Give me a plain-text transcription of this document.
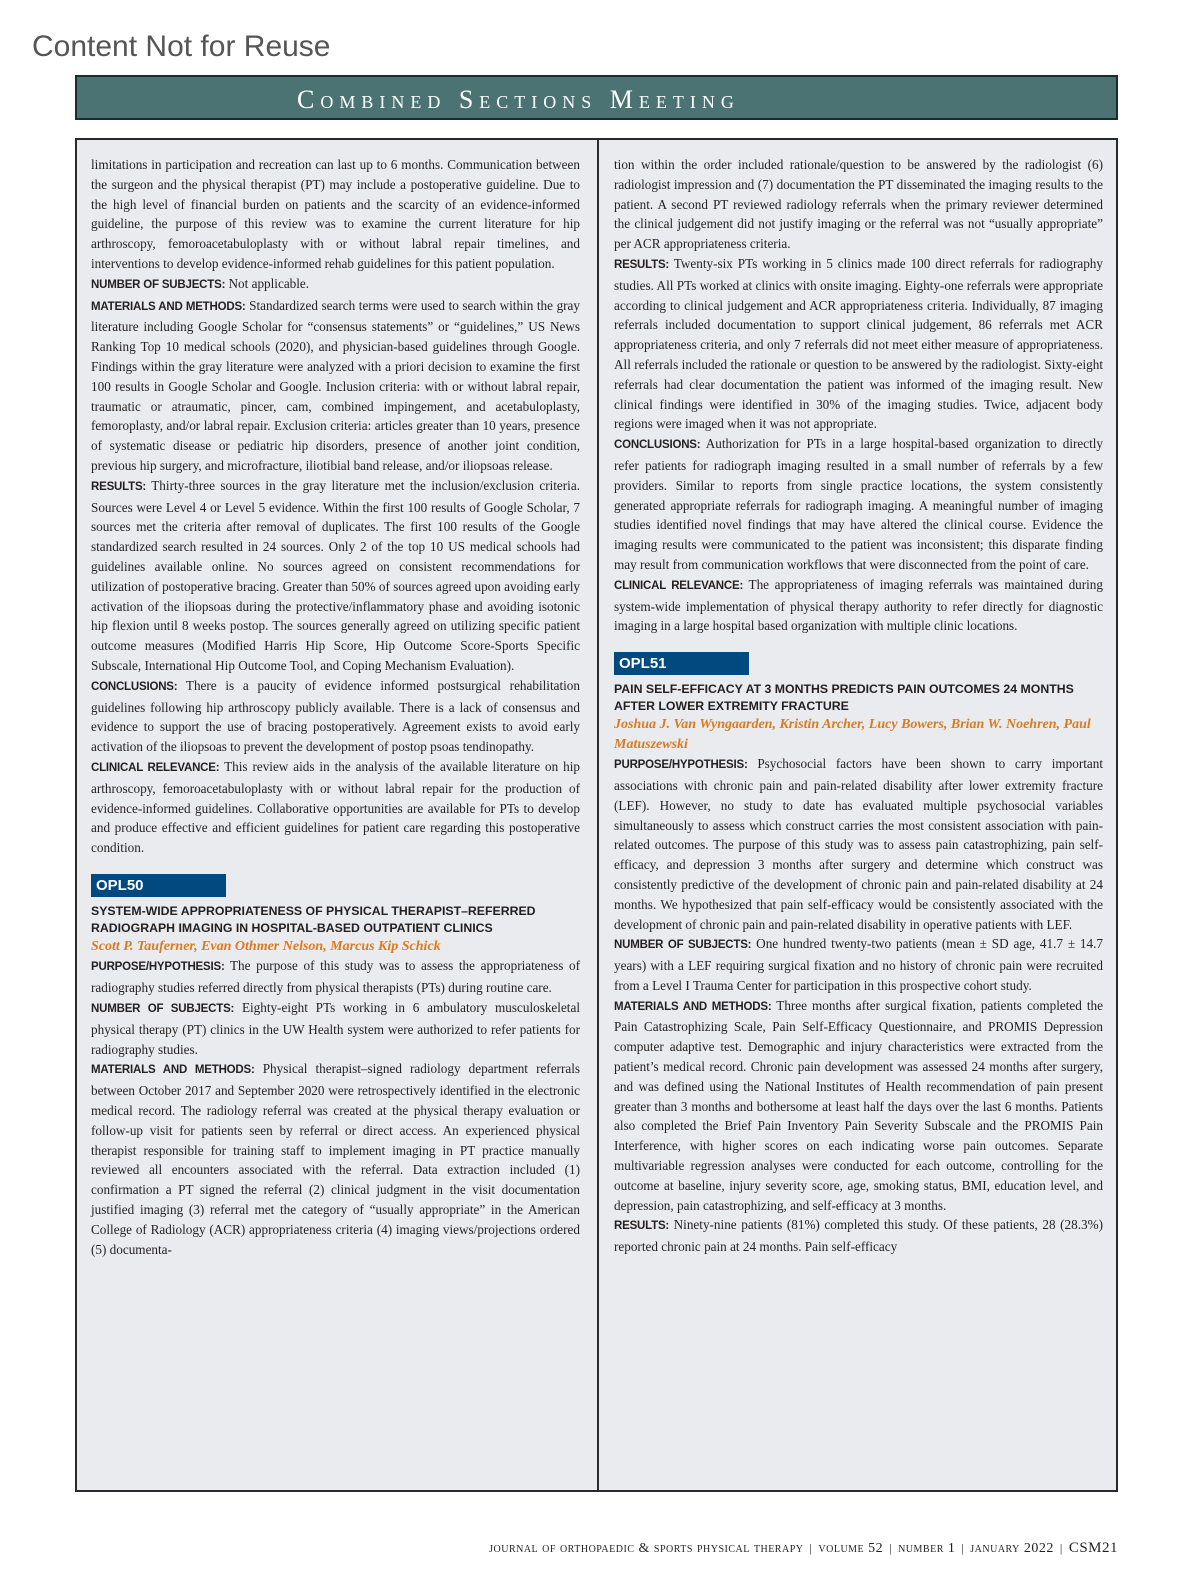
Content Not for Reuse
Combined Sections Meeting

limitations in participation and recreation can last up to 6 months. Communication between the surgeon and the physical therapist (PT) may include a postoperative guideline. Due to the high level of financial burden on patients and the scarcity of an evidence-informed guideline, the purpose of this review was to examine the current literature for hip arthroscopy, femoroacetabuloplasty with or without labral repair timelines, and interventions to develop evidence-informed rehab guidelines for this patient population.

NUMBER OF SUBJECTS: Not applicable.

MATERIALS AND METHODS: Standardized search terms were used to search within the gray literature including Google Scholar for “consensus statements” or “guidelines,” US News Ranking Top 10 medical schools (2020), and physician-based guidelines through Google. Findings within the gray literature were analyzed with a priori decision to examine the first 100 results in Google Scholar and Google. Inclusion criteria: with or without labral repair, traumatic or atraumatic, pincer, cam, combined impingement, and acetabuloplasty, femoroplasty, and/or labral repair. Exclusion criteria: articles greater than 10 years, presence of systematic disease or pediatric hip disorders, presence of another joint condition, previous hip surgery, and microfracture, iliotibial band release, and/or iliopsoas release.

RESULTS: Thirty-three sources in the gray literature met the inclusion/exclusion criteria. Sources were Level 4 or Level 5 evidence. Within the first 100 results of Google Scholar, 7 sources met the criteria after removal of duplicates. The first 100 results of the Google standardized search resulted in 24 sources. Only 2 of the top 10 US medical schools had guidelines available online. No sources agreed on consistent recommendations for utilization of postoperative bracing. Greater than 50% of sources agreed upon avoiding early activation of the iliopsoas during the protective/inflammatory phase and avoiding isotonic hip flexion until 8 weeks postop. The sources generally agreed on utilizing specific patient outcome measures (Modified Harris Hip Score, Hip Outcome Score-Sports Specific Subscale, International Hip Outcome Tool, and Coping Mechanism Evaluation).

CONCLUSIONS: There is a paucity of evidence informed postsurgical rehabilitation guidelines following hip arthroscopy publicly available. There is a lack of consensus and evidence to support the use of bracing postoperatively. Agreement exists to avoid early activation of the iliopsoas to prevent the development of postop psoas tendinopathy.

CLINICAL RELEVANCE: This review aids in the analysis of the available literature on hip arthroscopy, femoroacetabuloplasty with or without labral repair for the production of evidence-informed guidelines. Collaborative opportunities are available for PTs to develop and produce effective and efficient guidelines for patient care regarding this postoperative condition.

OPL50
SYSTEM-WIDE APPROPRIATENESS OF PHYSICAL THERAPIST–REFERRED RADIOGRAPH IMAGING IN HOSPITAL-BASED OUTPATIENT CLINICS
Scott P. Tauferner, Evan Othmer Nelson, Marcus Kip Schick

PURPOSE/HYPOTHESIS: The purpose of this study was to assess the appropriateness of radiography studies referred directly from physical therapists (PTs) during routine care.

NUMBER OF SUBJECTS: Eighty-eight PTs working in 6 ambulatory musculoskeletal physical therapy (PT) clinics in the UW Health system were authorized to refer patients for radiography studies.

MATERIALS AND METHODS: Physical therapist–signed radiology department referrals between October 2017 and September 2020 were retrospectively identified in the electronic medical record. The radiology referral was created at the physical therapy evaluation or follow-up visit for patients seen by referral or direct access. An experienced physical therapist responsible for training staff to implement imaging in PT practice manually reviewed all encounters associated with the referral. Data extraction included (1) confirmation a PT signed the referral (2) clinical judgment in the visit documentation justified imaging (3) referral met the category of “usually appropriate” in the American College of Radiology (ACR) appropriateness criteria (4) imaging views/projections ordered (5) documenta-

tion within the order included rationale/question to be answered by the radiologist (6) radiologist impression and (7) documentation the PT disseminated the imaging results to the patient. A second PT reviewed radiology referrals when the primary reviewer determined the clinical judgement did not justify imaging or the referral was not “usually appropriate” per ACR appropriateness criteria.

RESULTS: Twenty-six PTs working in 5 clinics made 100 direct referrals for radiography studies. All PTs worked at clinics with onsite imaging. Eighty-one referrals were appropriate according to clinical judgement and ACR appropriateness criteria. Individually, 87 imaging referrals included documentation to support clinical judgement, 86 referrals met ACR appropriateness criteria, and only 7 referrals did not meet either measure of appropriateness. All referrals included the rationale or question to be answered by the radiologist. Sixty-eight referrals had clear documentation the patient was informed of the imaging result. New clinical findings were identified in 30% of the imaging studies. Twice, adjacent body regions were imaged when it was not appropriate.

CONCLUSIONS: Authorization for PTs in a large hospital-based organization to directly refer patients for radiograph imaging resulted in a small number of referrals by a few providers. Similar to reports from single practice locations, the system consistently generated appropriate referrals for radiograph imaging. A meaningful number of imaging studies identified novel findings that may have altered the clinical course. Evidence the imaging results were communicated to the patient was inconsistent; this disparate finding may result from communication workflows that were disconnected from the point of care.

CLINICAL RELEVANCE: The appropriateness of imaging referrals was maintained during system-wide implementation of physical therapy authority to refer directly for diagnostic imaging in a large hospital based organization with multiple clinic locations.

OPL51
PAIN SELF-EFFICACY AT 3 MONTHS PREDICTS PAIN OUTCOMES 24 MONTHS AFTER LOWER EXTREMITY FRACTURE
Joshua J. Van Wyngaarden, Kristin Archer, Lucy Bowers, Brian W. Noehren, Paul Matuszewski

PURPOSE/HYPOTHESIS: Psychosocial factors have been shown to carry important associations with chronic pain and pain-related disability after lower extremity fracture (LEF). However, no study to date has evaluated multiple psychosocial variables simultaneously to assess which construct carries the most consistent association with pain-related outcomes. The purpose of this study was to assess pain catastrophizing, pain self-efficacy, and depression 3 months after surgery and determine which construct was consistently predictive of the development of chronic pain and pain-related disability at 24 months. We hypothesized that pain self-efficacy would be consistently associated with the development of chronic pain and pain-related disability in operative patients with LEF.

NUMBER OF SUBJECTS: One hundred twenty-two patients (mean ± SD age, 41.7 ± 14.7 years) with a LEF requiring surgical fixation and no history of chronic pain were recruited from a Level I Trauma Center for participation in this prospective cohort study.

MATERIALS AND METHODS: Three months after surgical fixation, patients completed the Pain Catastrophizing Scale, Pain Self-Efficacy Questionnaire, and PROMIS Depression computer adaptive test. Demographic and injury characteristics were extracted from the patient’s medical record. Chronic pain development was assessed 24 months after surgery, and was defined using the National Institutes of Health recommendation of pain present greater than 3 months and bothersome at least half the days over the last 6 months. Patients also completed the Brief Pain Inventory Pain Severity Subscale and the PROMIS Pain Interference, with higher scores on each indicating worse pain outcomes. Separate multivariable regression analyses were conducted for each outcome, controlling for the outcome at baseline, injury severity score, age, smoking status, BMI, education level, and depression, pain catastrophizing, and self-efficacy at 3 months.

RESULTS: Ninety-nine patients (81%) completed this study. Of these patients, 28 (28.3%) reported chronic pain at 24 months. Pain self-efficacy

journal of orthopaedic & sports physical therapy | volume 52 | number 1 | january 2022 | CSM21
